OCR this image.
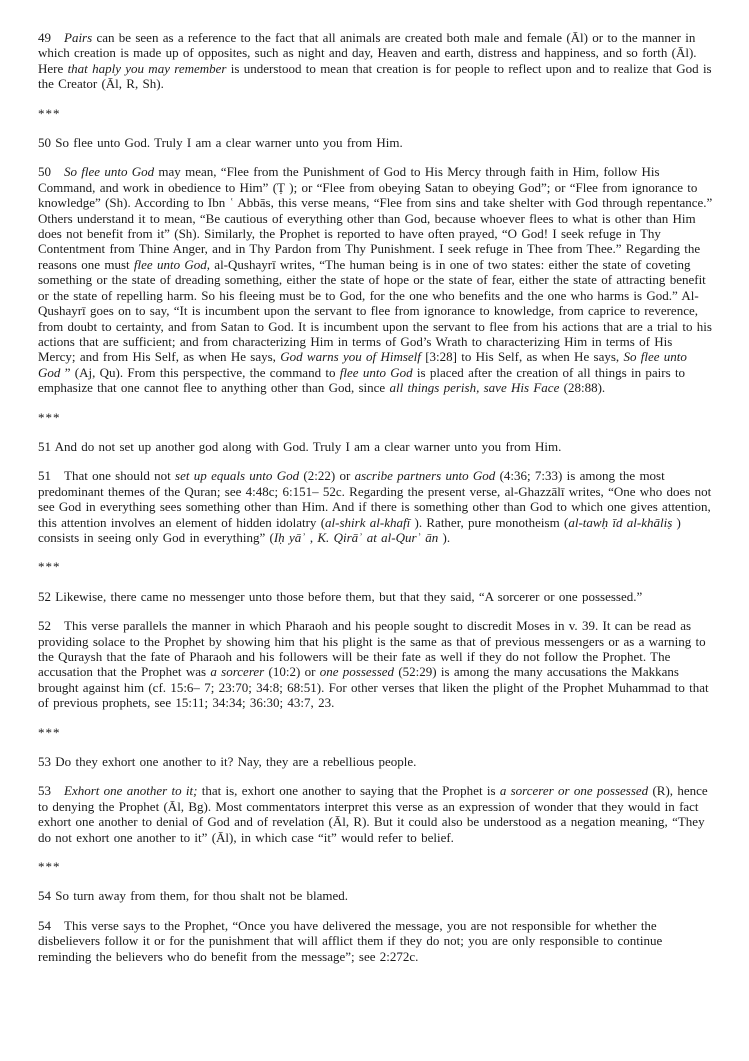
49 Pairs can be seen as a reference to the fact that all animals are created both male and female (Āl) or to the manner in which creation is made up of opposites, such as night and day, Heaven and earth, distress and happiness, and so forth (Āl). Here that haply you may remember is understood to mean that creation is for people to reflect upon and to realize that God is the Creator (Āl, R, Sh).

***

50 So flee unto God. Truly I am a clear warner unto you from Him.

50 So flee unto God may mean, “Flee from the Punishment of God to His Mercy through faith in Him, follow His Command, and work in obedience to Him” (Ṭ ); or “Flee from obeying Satan to obeying God”; or “Flee from ignorance to knowledge” (Sh). According to Ibn ʿ Abbās, this verse means, “Flee from sins and take shelter with God through repentance.” Others understand it to mean, “Be cautious of everything other than God, because whoever flees to what is other than Him does not benefit from it” (Sh). Similarly, the Prophet is reported to have often prayed, “O God! I seek refuge in Thy Contentment from Thine Anger, and in Thy Pardon from Thy Punishment. I seek refuge in Thee from Thee.” Regarding the reasons one must flee unto God, al-Qushayrī writes, “The human being is in one of two states: either the state of coveting something or the state of dreading something, either the state of hope or the state of fear, either the state of attracting benefit or the state of repelling harm. So his fleeing must be to God, for the one who benefits and the one who harms is God.” Al-Qushayrī goes on to say, “It is incumbent upon the servant to flee from ignorance to knowledge, from caprice to reverence, from doubt to certainty, and from Satan to God. It is incumbent upon the servant to flee from his actions that are a trial to his actions that are sufficient; and from characterizing Him in terms of God’s Wrath to characterizing Him in terms of His Mercy; and from His Self, as when He says, God warns you of Himself [3:28] to His Self, as when He says, So flee unto God ” (Aj, Qu). From this perspective, the command to flee unto God is placed after the creation of all things in pairs to emphasize that one cannot flee to anything other than God, since all things perish, save His Face (28:88).

***

51 And do not set up another god along with God. Truly I am a clear warner unto you from Him.

51 That one should not set up equals unto God (2:22) or ascribe partners unto God (4:36; 7:33) is among the most predominant themes of the Quran; see 4:48c; 6:151– 52c. Regarding the present verse, al-Ghazzālī writes, “One who does not see God in everything sees something other than Him. And if there is something other than God to which one gives attention, this attention involves an element of hidden idolatry (al-shirk al-khafī ). Rather, pure monotheism (al-tawḥ īd al-khāliṣ ) consists in seeing only God in everything” (Iḥ yāʾ , K. Qirāʾ at al-Qurʾ ān ).

***

52 Likewise, there came no messenger unto those before them, but that they said, “A sorcerer or one possessed.”

52 This verse parallels the manner in which Pharaoh and his people sought to discredit Moses in v. 39. It can be read as providing solace to the Prophet by showing him that his plight is the same as that of previous messengers or as a warning to the Quraysh that the fate of Pharaoh and his followers will be their fate as well if they do not follow the Prophet. The accusation that the Prophet was a sorcerer (10:2) or one possessed (52:29) is among the many accusations the Makkans brought against him (cf. 15:6– 7; 23:70; 34:8; 68:51). For other verses that liken the plight of the Prophet Muhammad to that of previous prophets, see 15:11; 34:34; 36:30; 43:7, 23.

***

53 Do they exhort one another to it? Nay, they are a rebellious people.

53 Exhort one another to it; that is, exhort one another to saying that the Prophet is a sorcerer or one possessed (R), hence to denying the Prophet (Āl, Bg). Most commentators interpret this verse as an expression of wonder that they would in fact exhort one another to denial of God and of revelation (Āl, R). But it could also be understood as a negation meaning, “They do not exhort one another to it” (Āl), in which case “it” would refer to belief.

***

54 So turn away from them, for thou shalt not be blamed.

54 This verse says to the Prophet, “Once you have delivered the message, you are not responsible for whether the disbelievers follow it or for the punishment that will afflict them if they do not; you are only responsible to continue reminding the believers who do benefit from the message”; see 2:272c.
